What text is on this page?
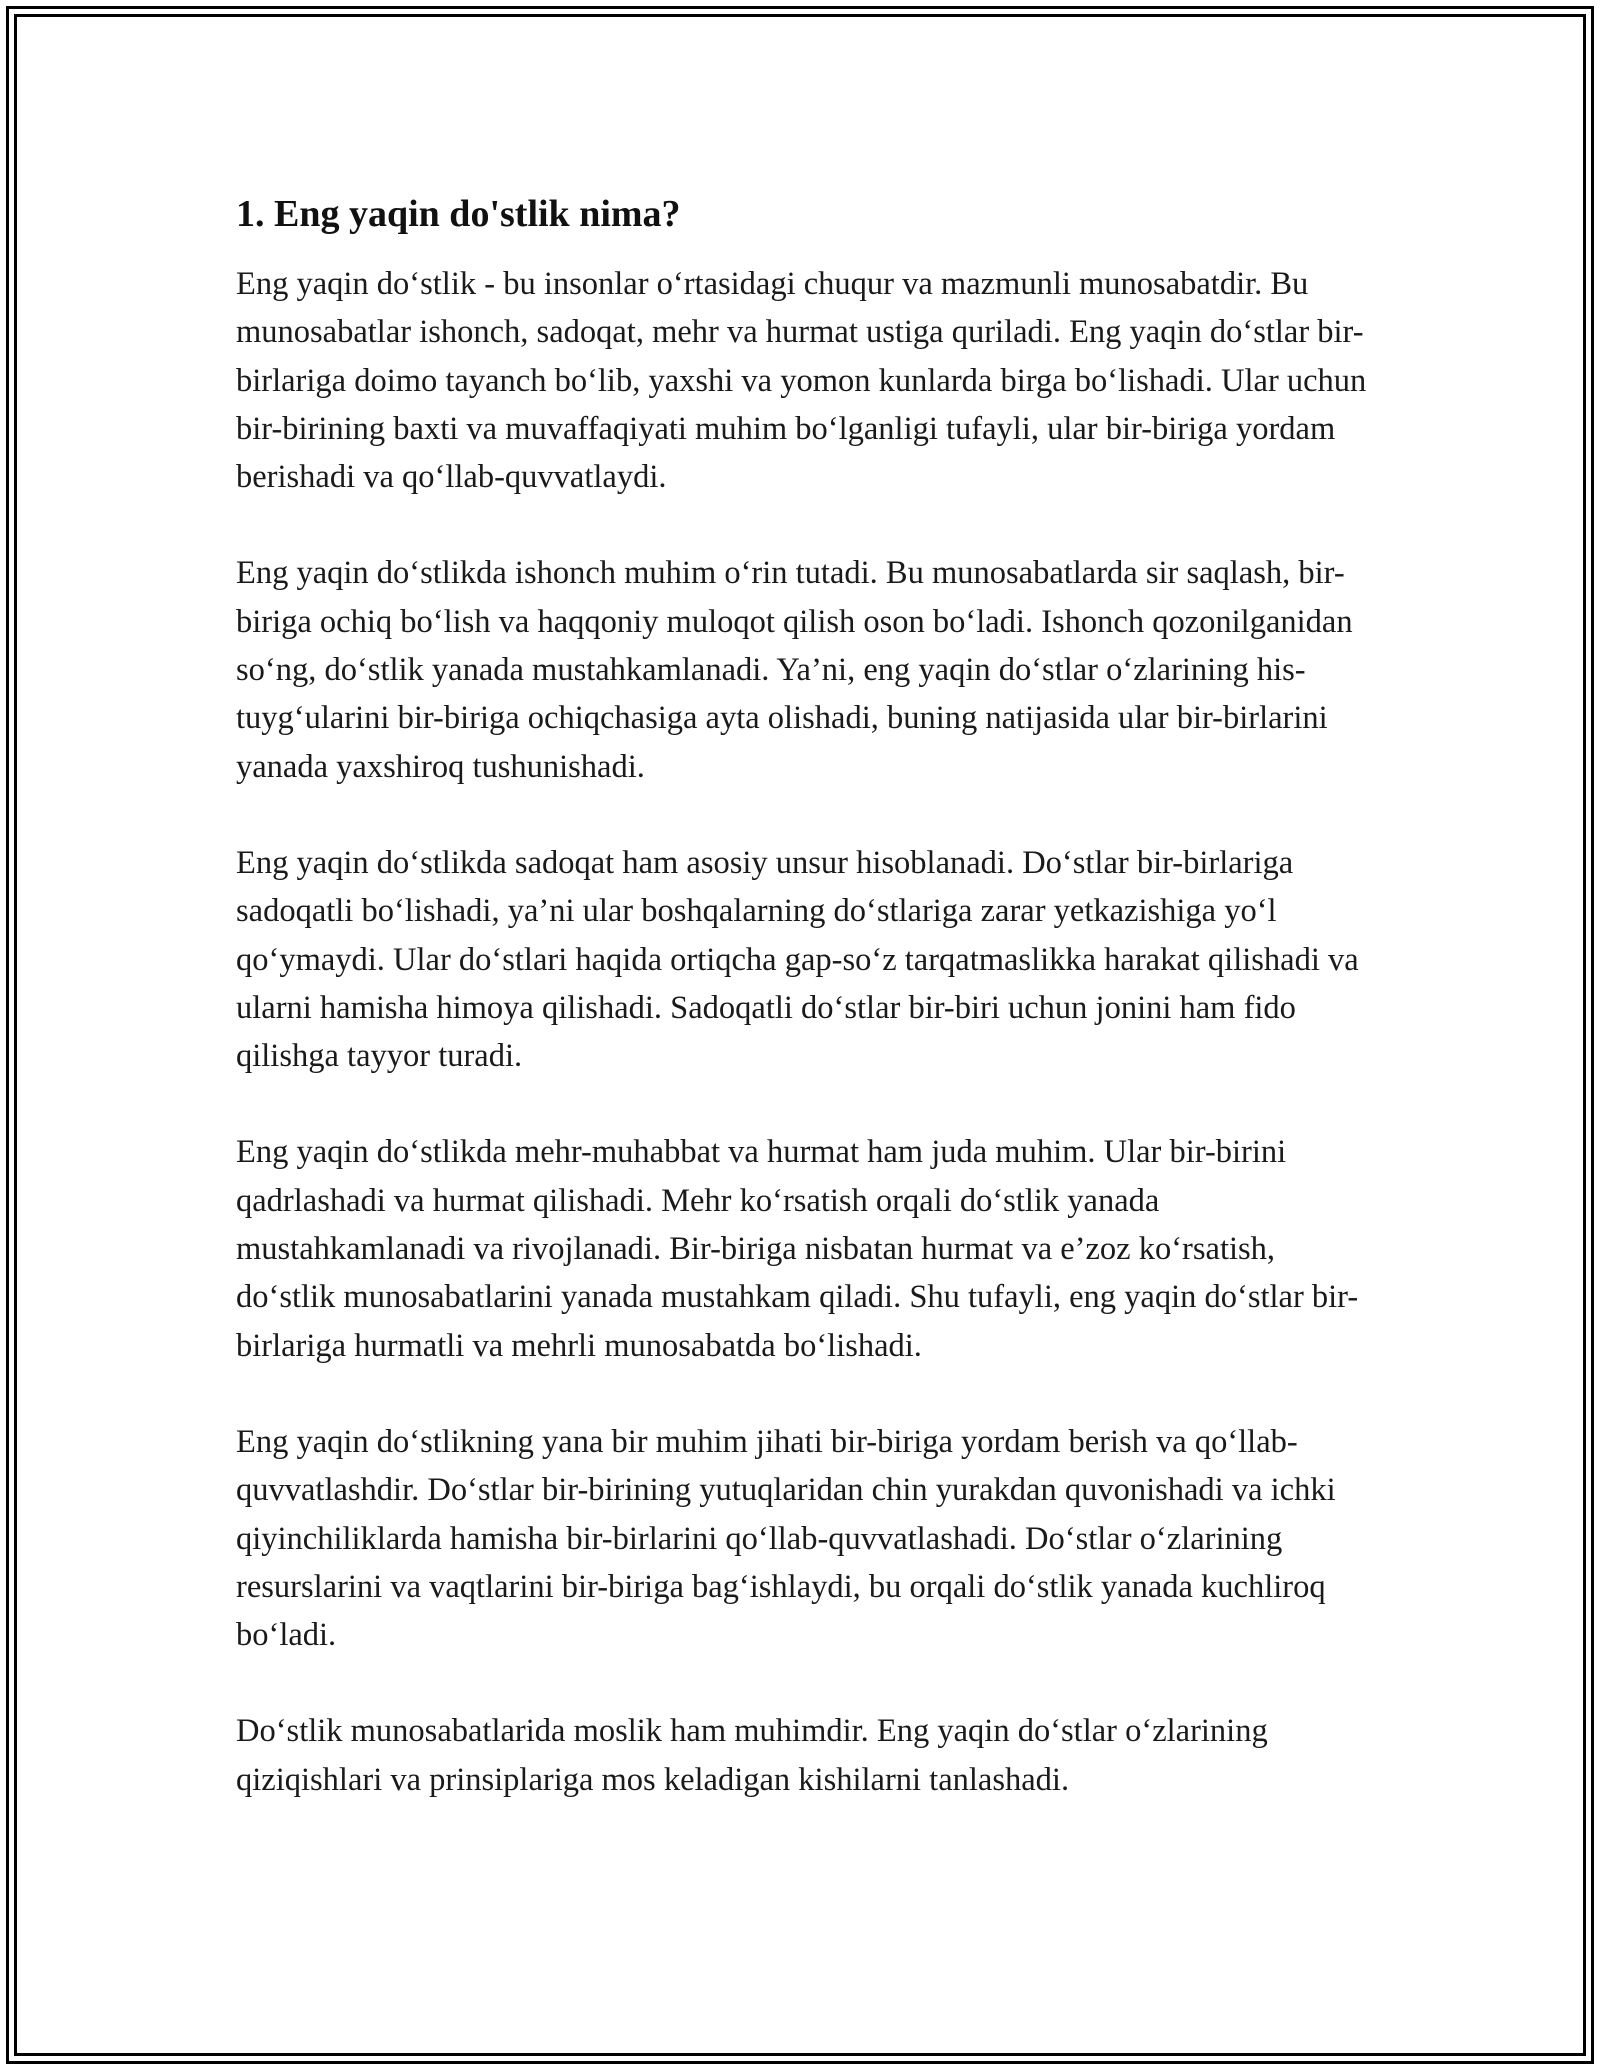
1. Eng yaqin do'stlik nima?

Eng yaqin do‘stlik - bu insonlar o‘rtasidagi chuqur va mazmunli munosabatdir. Bu munosabatlar ishonch, sadoqat, mehr va hurmat ustiga quriladi. Eng yaqin do‘stlar bir-birlariga doimo tayanch bo‘lib, yaxshi va yomon kunlarda birga bo‘lishadi. Ular uchun bir-birining baxti va muvaffaqiyati muhim bo‘lganligi tufayli, ular bir-biriga yordam berishadi va qo‘llab-quvvatlaydi.

Eng yaqin do‘stlikda ishonch muhim o‘rin tutadi. Bu munosabatlarda sir saqlash, bir-biriga ochiq bo‘lish va haqqoniy muloqot qilish oson bo‘ladi. Ishonch qozonilganidan so‘ng, do‘stlik yanada mustahkamlanadi. Ya’ni, eng yaqin do‘stlar o‘zlarining his-tuyg‘ularini bir-biriga ochiqchasiga ayta olishadi, buning natijasida ular bir-birlarini yanada yaxshiroq tushunishadi.

Eng yaqin do‘stlikda sadoqat ham asosiy unsur hisoblanadi. Do‘stlar bir-birlariga sadoqatli bo‘lishadi, ya’ni ular boshqalarning do‘stlariga zarar yetkazishiga yo‘l qo‘ymaydi. Ular do‘stlari haqida ortiqcha gap-so‘z tarqatmaslikka harakat qilishadi va ularni hamisha himoya qilishadi. Sadoqatli do‘stlar bir-biri uchun jonini ham fido qilishga tayyor turadi.

Eng yaqin do‘stlikda mehr-muhabbat va hurmat ham juda muhim. Ular bir-birini qadrlashadi va hurmat qilishadi. Mehr ko‘rsatish orqali do‘stlik yanada mustahkamlanadi va rivojlanadi. Bir-biriga nisbatan hurmat va e’zoz ko‘rsatish, do‘stlik munosabatlarini yanada mustahkam qiladi. Shu tufayli, eng yaqin do‘stlar bir-birlariga hurmatli va mehrli munosabatda bo‘lishadi.

Eng yaqin do‘stlikning yana bir muhim jihati bir-biriga yordam berish va qo‘llab-quvvatlashdir. Do‘stlar bir-birining yutuqlaridan chin yurakdan quvonishadi va ichki qiyinchiliklarda hamisha bir-birlarini qo‘llab-quvvatlashadi. Do‘stlar o‘zlarining resurslarini va vaqtlarini bir-biriga bag‘ishlaydi, bu orqali do‘stlik yanada kuchliroq bo‘ladi.

Do‘stlik munosabatlarida moslik ham muhimdir. Eng yaqin do‘stlar o‘zlarining qiziqishlari va prinsiplariga mos keladigan kishilarni tanlashadi.
